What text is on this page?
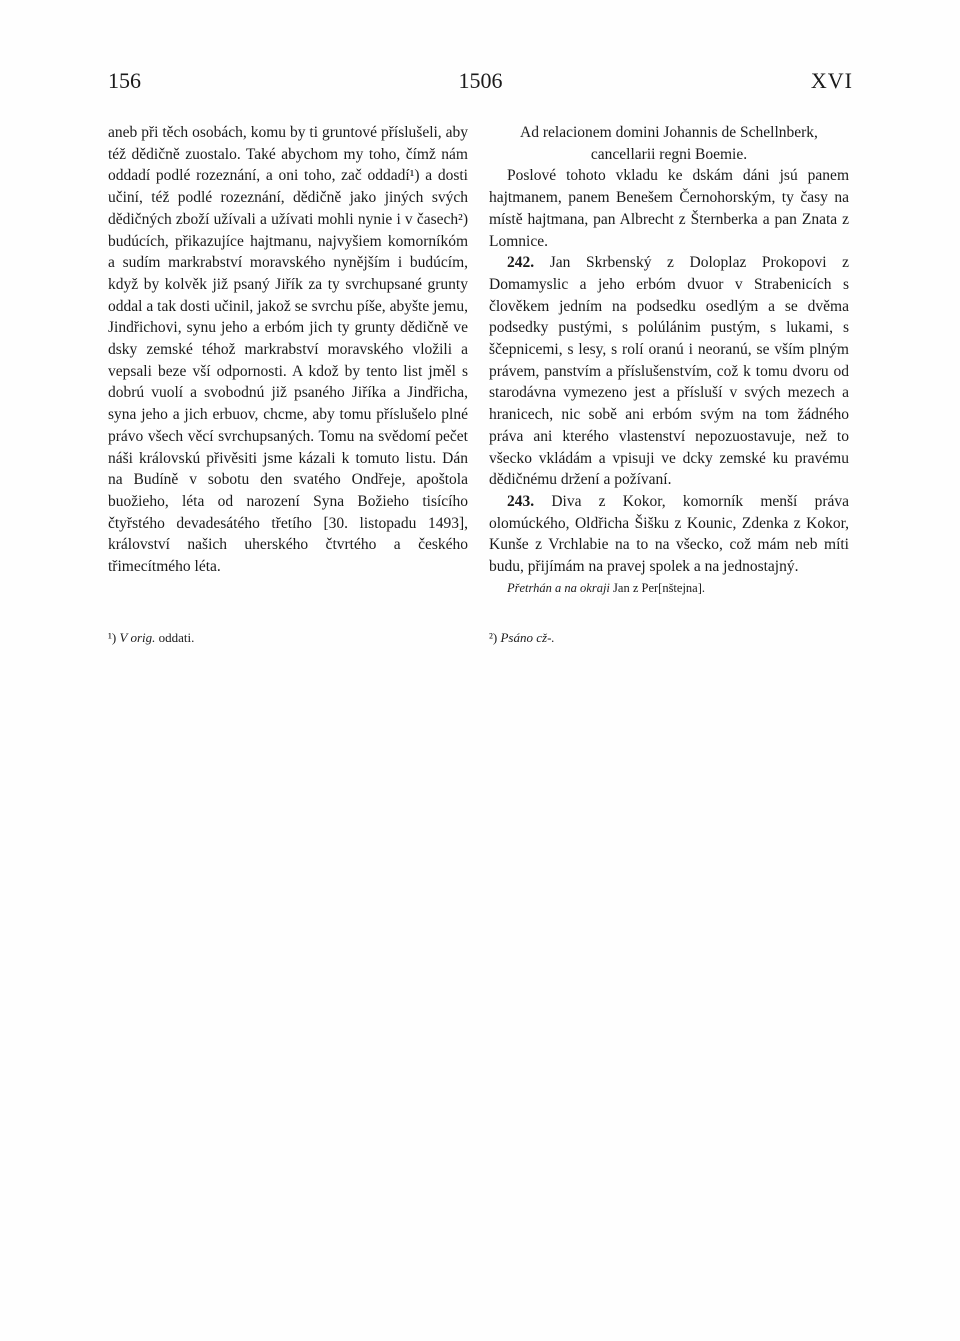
156	1506	XVI

aneb při těch osobách, komu by ti gruntové příslušeli, aby též dědičně zuostalo. Také abychom my toho, čímž nám oddadí podlé rozeznání, a oni toho, zač oddadí¹) a dosti učiní, též podlé rozeznání, dědičně jako jiných svých dědičných zboží užívali a užívati mohli nynie i v časech²) budúcích, přikazujíce hajtmanu, najvyšiem komorníkóm a sudím markrabství moravského nynějším i budúcím, když by kolvěk již psaný Jiřík za ty svrchupsané grunty oddal a tak dosti učinil, jakož se svrchu píše, abyšte jemu, Jindřichovi, synu jeho a erbóm jich ty grunty dědičně ve dsky zemské téhož markrabství moravského vložili a vepsali beze vší odpornosti. A kdož by tento list jměl s dobrú vuolí a svobodnú již psaného Jiříka a Jindřicha, syna jeho a jich erbuov, chcme, aby tomu příslušelo plné právo všech věcí svrchupsaných. Tomu na svědomí pečet náši královskú přivěsiti jsme kázali k tomuto listu. Dán na Budíně v sobotu den svatého Ondřeje, apoštola buožieho, léta od narození Syna Božieho tisícího čtyřstého devadesátého třetího [30. listopadu 1493], království našich uherského čtvrtého a českého třimecítmého léta.

Ad relacionem domini Johannis de Schellnberk, cancellarii regni Boemie.

Poslové tohoto vkladu ke dskám dáni jsú panem hajtmanem, panem Benešem Černohorským, ty časy na místě hajtmana, pan Albrecht z Šternberka a pan Znata z Lomnice.

242. Jan Skrbenský z Doloplaz Prokopovi z Domamyslic a jeho erbóm dvuor v Strabenicích s člověkem jedním na podsedku osedlým a se dvěma podsedky pustými, s polúlánim pustým, s lukami, s ščepnicemi, s lesy, s rolí oranú i neoranú, se vším plným právem, panstvím a příslušenstvím, což k tomu dvoru od starodávna vymezeno jest a přísluší v svých mezech a hranicech, nic sobě ani erbóm svým na tom žádného práva ani kterého vlastenství nepozuostavuje, než to všecko vkládám a vpisuji ve dcky zemské ku pravému dědičnému držení a požívaní.

243. Diva z Kokor, komorník menší práva olomúckého, Oldřicha Šišku z Kounic, Zdenka z Kokor, Kunše z Vrchlabie na to na všecko, což mám neb míti budu, přijímám na pravej spolek a na jednostajný.

Přetrhán a na okraji Jan z Per[nštejna].

¹) V orig. oddati.	²) Psáno cž-.
